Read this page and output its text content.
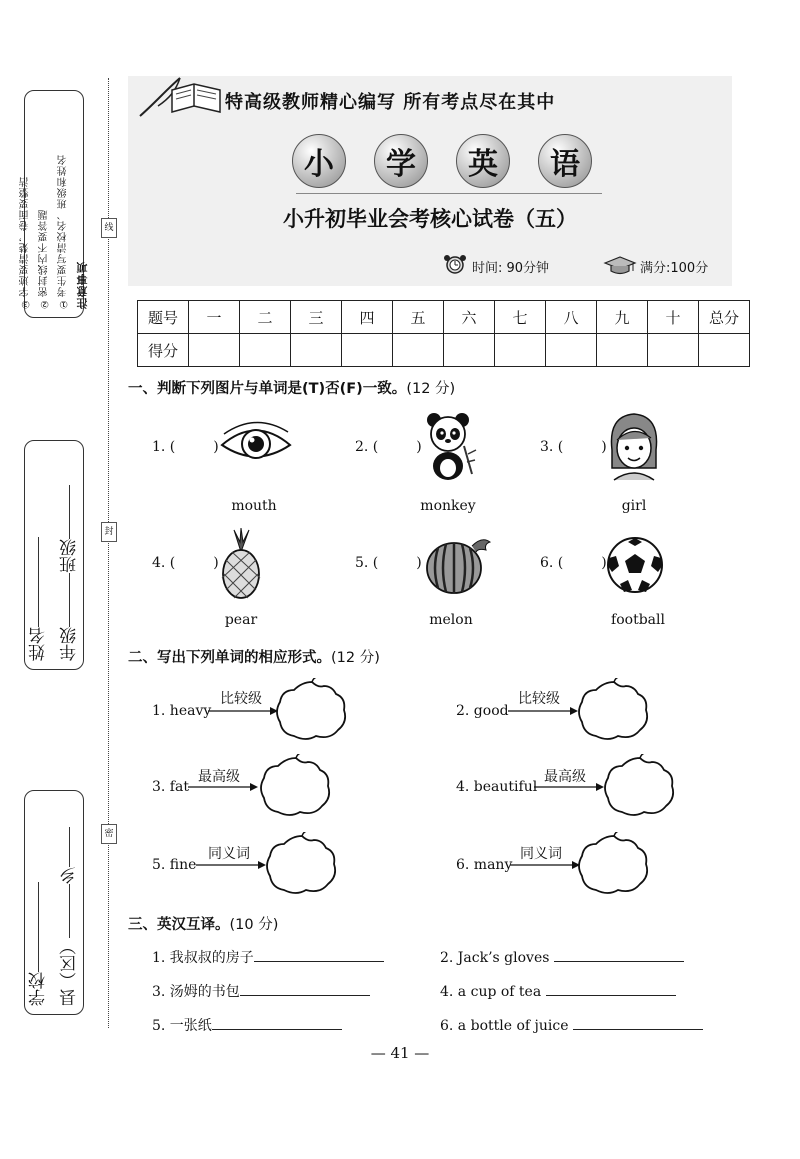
注意事项
①考生要写清校名、班级和姓名
②密封线内不要答题
③字迹要清楚，卷面要整洁
年级班级
姓名
县（区）乡
学校
线
封
密
特高级教师精心编写 所有考点尽在其中
小	学	英	语
小升初毕业会考核心试卷（五）
时间: 90分钟	满分:100分
题号	一	二	三	四	五	六	七	八	九	十	总分
得分											
一、判断下列图片与单词是(T)否(F)一致。(12 分)
1. (	)
mouth
2. (	)
monkey
3. (	)
girl
4. (	)
pear
5. (	)
melon
6. (	)
football
二、写出下列单词的相应形式。(12 分)
1. heavy
比较级
2. good
比较级
3. fat
最高级
4. beautiful
最高级
5. fine
同义词
6. many
同义词
三、英汉互译。(10 分)
1. 我叔叔的房子	2. Jack’s gloves
3. 汤姆的书包	4. a cup of tea
5. 一张纸	6. a bottle of juice
— 41 —
